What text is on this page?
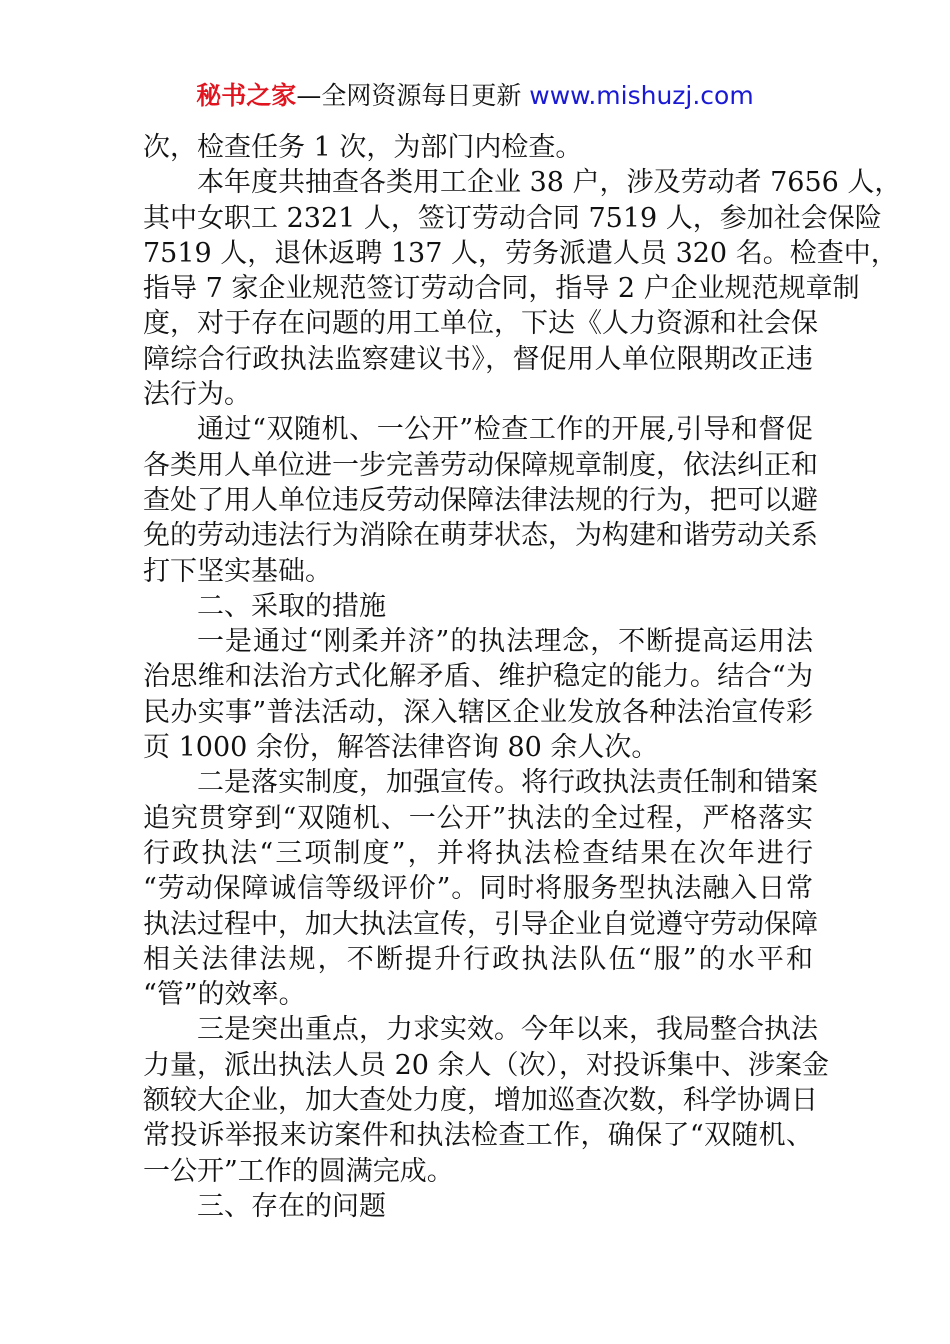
秘书之家—全网资源每日更新 www.mishuzj.com
次，检查任务 1 次，为部门内检查。
本年度共抽查各类用工企业 38 户，涉及劳动者 7656 人，
其中女职工 2321 人，签订劳动合同 7519 人，参加社会保险
7519 人，退休返聘 137 人，劳务派遣人员 320 名。检查中，
指导 7 家企业规范签订劳动合同，指导 2 户企业规范规章制
度，对于存在问题的用工单位，下达《人力资源和社会保
障综合行政执法监察建议书》，督促用人单位限期改正违
法行为。
通过“双随机、一公开”检查工作的开展,引导和督促
各类用人单位进一步完善劳动保障规章制度，依法纠正和
查处了用人单位违反劳动保障法律法规的行为，把可以避
免的劳动违法行为消除在萌芽状态，为构建和谐劳动关系
打下坚实基础。
二、采取的措施
一是通过“刚柔并济”的执法理念，不断提高运用法
治思维和法治方式化解矛盾、维护稳定的能力。结合“为
民办实事”普法活动，深入辖区企业发放各种法治宣传彩
页 1000 余份，解答法律咨询 80 余人次。
二是落实制度，加强宣传。将行政执法责任制和错案
追究贯穿到“双随机、一公开”执法的全过程，严格落实
行政执法“三项制度”，并将执法检查结果在次年进行
“劳动保障诚信等级评价”。同时将服务型执法融入日常
执法过程中，加大执法宣传，引导企业自觉遵守劳动保障
相关法律法规，不断提升行政执法队伍“服”的水平和
“管”的效率。
三是突出重点，力求实效。今年以来，我局整合执法
力量，派出执法人员 20 余人（次），对投诉集中、涉案金
额较大企业，加大查处力度，增加巡查次数，科学协调日
常投诉举报来访案件和执法检查工作，确保了“双随机、
一公开”工作的圆满完成。
三、存在的问题
